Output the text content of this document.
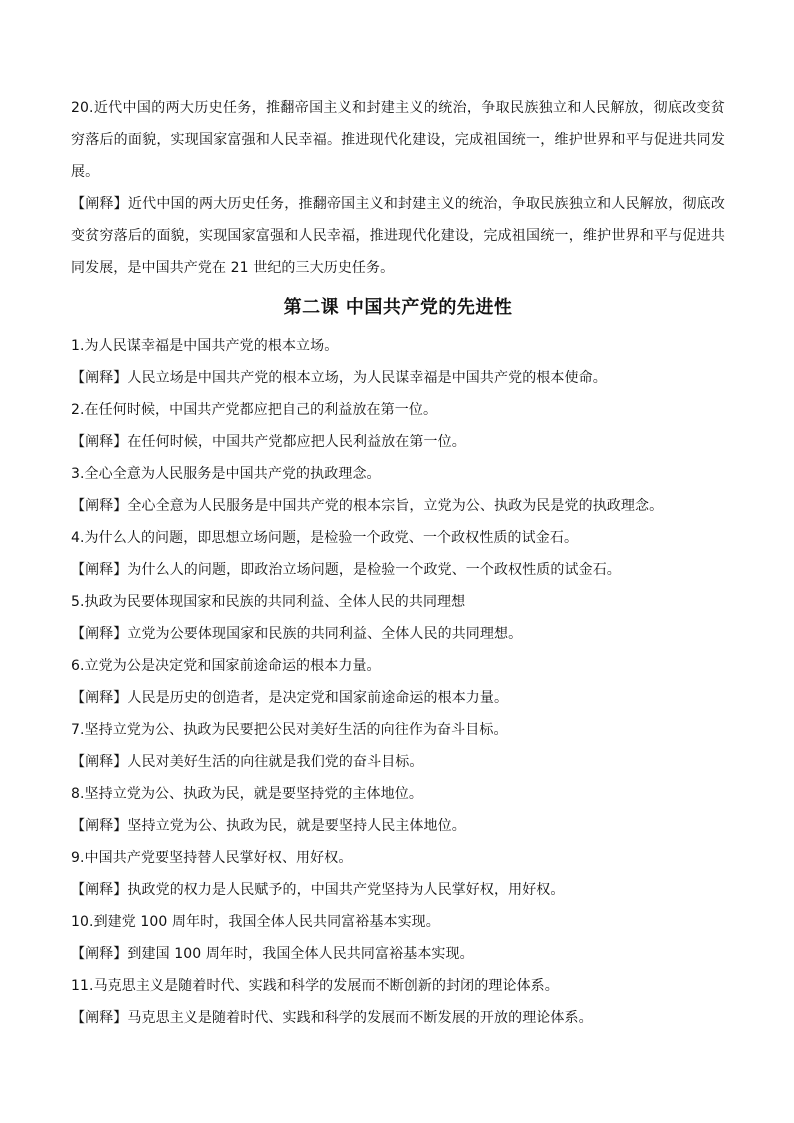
20.近代中国的两大历史任务，推翻帝国主义和封建主义的统治，争取民族独立和人民解放，彻底改变贫穷落后的面貌，实现国家富强和人民幸福。推进现代化建设，完成祖国统一，维护世界和平与促进共同发展。

【阐释】近代中国的两大历史任务，推翻帝国主义和封建主义的统治，争取民族独立和人民解放，彻底改变贫穷落后的面貌，实现国家富强和人民幸福，推进现代化建设，完成祖国统一，维护世界和平与促进共同发展，是中国共产党在 21 世纪的三大历史任务。

第二课 中国共产党的先进性

1.为人民谋幸福是中国共产党的根本立场。

【阐释】人民立场是中国共产党的根本立场，为人民谋幸福是中国共产党的根本使命。

2.在任何时候，中国共产党都应把自己的利益放在第一位。

【阐释】在任何时候，中国共产党都应把人民利益放在第一位。

3.全心全意为人民服务是中国共产党的执政理念。

【阐释】全心全意为人民服务是中国共产党的根本宗旨，立党为公、执政为民是党的执政理念。

4.为什么人的问题，即思想立场问题，是检验一个政党、一个政权性质的试金石。

【阐释】为什么人的问题，即政治立场问题，是检验一个政党、一个政权性质的试金石。

5.执政为民要体现国家和民族的共同利益、全体人民的共同理想

【阐释】立党为公要体现国家和民族的共同利益、全体人民的共同理想。

6.立党为公是决定党和国家前途命运的根本力量。

【阐释】人民是历史的创造者，是决定党和国家前途命运的根本力量。

7.坚持立党为公、执政为民要把公民对美好生活的向往作为奋斗目标。

【阐释】人民对美好生活的向往就是我们党的奋斗目标。

8.坚持立党为公、执政为民，就是要坚持党的主体地位。

【阐释】坚持立党为公、执政为民，就是要坚持人民主体地位。

9.中国共产党要坚持替人民掌好权、用好权。

【阐释】执政党的权力是人民赋予的，中国共产党坚持为人民掌好权，用好权。

10.到建党 100 周年时，我国全体人民共同富裕基本实现。

【阐释】到建国 100 周年时，我国全体人民共同富裕基本实现。

11.马克思主义是随着时代、实践和科学的发展而不断创新的封闭的理论体系。

【阐释】马克思主义是随着时代、实践和科学的发展而不断发展的开放的理论体系。
